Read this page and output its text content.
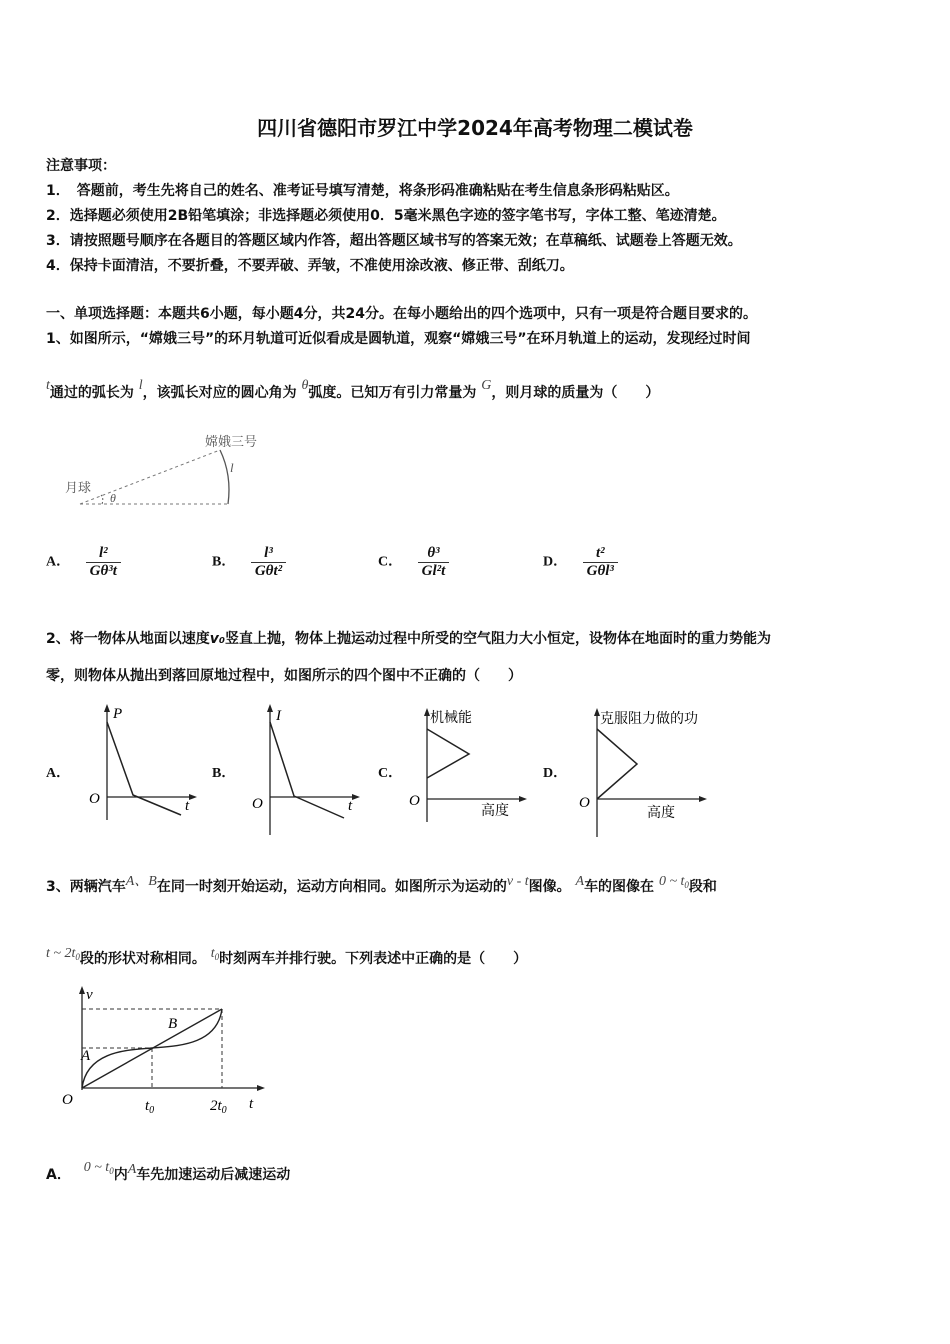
四川省德阳市罗江中学2024年高考物理二模试卷
注意事项：
1．　答题前，考生先将自己的姓名、准考证号填写清楚，将条形码准确粘贴在考生信息条形码粘贴区。
2．选择题必须使用2B铅笔填涂；非选择题必须使用0．5毫米黑色字迹的签字笔书写，字体工整、笔迹清楚。
3．请按照题号顺序在各题目的答题区域内作答，超出答题区域书写的答案无效；在草稿纸、试题卷上答题无效。
4．保持卡面清洁，不要折叠，不要弄破、弄皱，不准使用涂改液、修正带、刮纸刀。
一、单项选择题：本题共6小题，每小题4分，共24分。在每小题给出的四个选项中，只有一项是符合题目要求的。
1、如图所示，“嫦娥三号”的环月轨道可近似看成是圆轨道，观察“嫦娥三号”在环月轨道上的运动，发现经过时间
t通过的弧长为 l，该弧长对应的圆心角为 θ弧度。已知万有引力常量为 G，则月球的质量为（　　）
嫦娥三号
月球
θ
l
A． $\frac{\text{l²}}{\text{Gθ³t}}$	B． $\frac{\text{l³}}{\text{Gθt²}}$	C． $\frac{\text{θ³}}{\text{Gl²t}}$	D． $\frac{\text{t²}}{\text{Gθl³}}$
2、将一物体从地面以速度v₀竖直上抛，物体上抛运动过程中所受的空气阻力大小恒定，设物体在地面时的重力势能为
零，则物体从抛出到落回原地过程中，如图所示的四个图中不正确的（　　）
A．
P
t
O
B．
I
t
O
C．
机械能
高度
O
D．
克服阻力做的功
高度
O
3、两辆汽车A、B在同一时刻开始运动，运动方向相同。如图所示为运动的v - t图像。 A车的图像在 0 ~ $t_0$段和
t ~ $2t^0$段的形状对称相同。 $t^0$时刻两车并排行驶。下列表述中正确的是（　　）
A
B
v
t
O	$t_0$	$2t_0$
A． 0 ~ $t_0$内A车先加速运动后减速运动
